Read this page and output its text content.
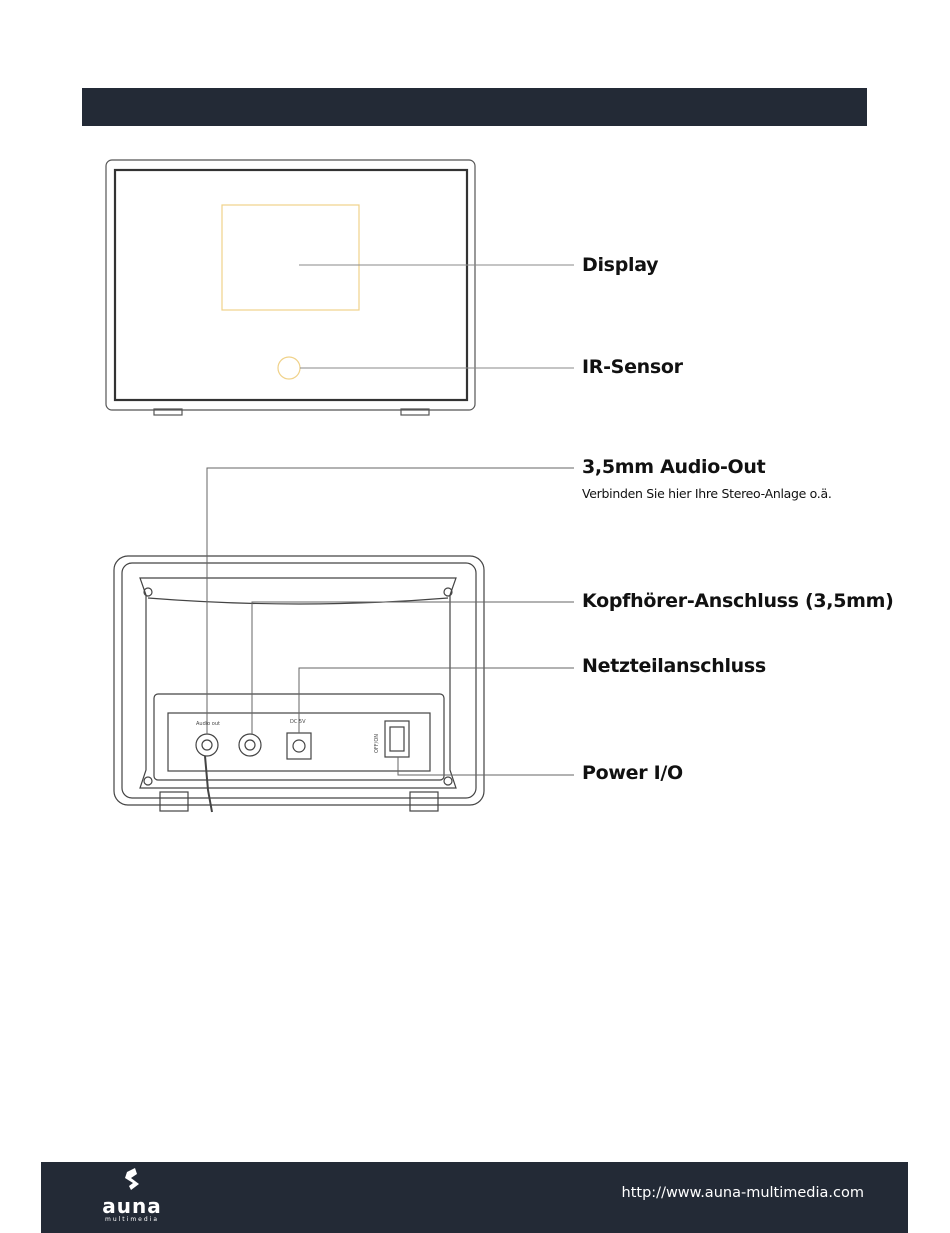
Audio out	DC 5V
OFF/ON
Display
IR-Sensor
3,5mm Audio-Out
Verbinden Sie hier Ihre Stereo-Anlage o.ä.
Kopfhörer-Anschluss (3,5mm)
Netzteilanschluss
Power I/O
auna
multimedia
http://www.auna-multimedia.com
